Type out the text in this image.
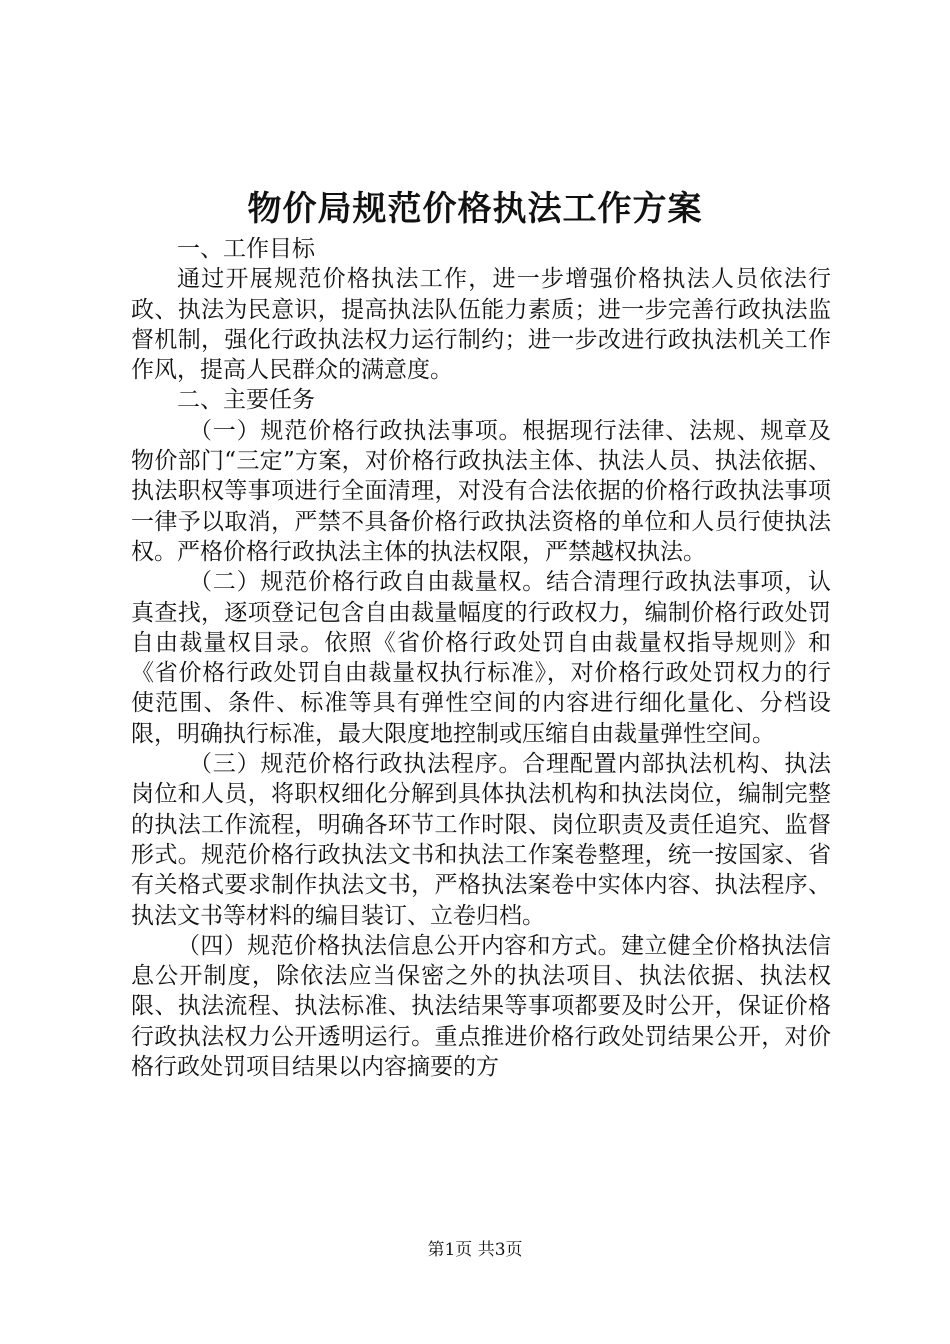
物价局规范价格执法工作方案
一、工作目标

通过开展规范价格执法工作，进一步增强价格执法人员依法行政、执法为民意识，提高执法队伍能力素质；进一步完善行政执法监督机制，强化行政执法权力运行制约；进一步改进行政执法机关工作作风，提高人民群众的满意度。

二、主要任务

（一）规范价格行政执法事项。根据现行法律、法规、规章及物价部门“三定”方案，对价格行政执法主体、执法人员、执法依据、执法职权等事项进行全面清理，对没有合法依据的价格行政执法事项一律予以取消，严禁不具备价格行政执法资格的单位和人员行使执法权。严格价格行政执法主体的执法权限，严禁越权执法。

（二）规范价格行政自由裁量权。结合清理行政执法事项，认真查找，逐项登记包含自由裁量幅度的行政权力，编制价格行政处罚自由裁量权目录。依照《省价格行政处罚自由裁量权指导规则》和《省价格行政处罚自由裁量权执行标准》，对价格行政处罚权力的行使范围、条件、标准等具有弹性空间的内容进行细化量化、分档设限，明确执行标准，最大限度地控制或压缩自由裁量弹性空间。

（三）规范价格行政执法程序。合理配置内部执法机构、执法岗位和人员，将职权细化分解到具体执法机构和执法岗位，编制完整的执法工作流程，明确各环节工作时限、岗位职责及责任追究、监督形式。规范价格行政执法文书和执法工作案卷整理，统一按国家、省有关格式要求制作执法文书，严格执法案卷中实体内容、执法程序、执法文书等材料的编目装订、立卷归档。

（四）规范价格执法信息公开内容和方式。建立健全价格执法信息公开制度，除依法应当保密之外的执法项目、执法依据、执法权限、执法流程、执法标准、执法结果等事项都要及时公开，保证价格行政执法权力公开透明运行。重点推进价格行政处罚结果公开，对价格行政处罚项目结果以内容摘要的方

第1页 共3页
